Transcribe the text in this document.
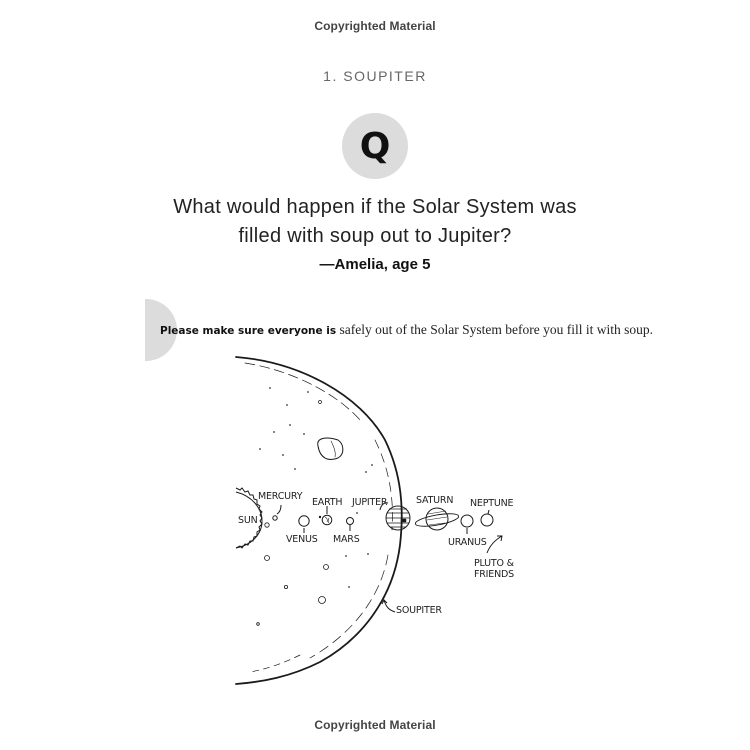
Copyrighted Material
1. SOUPITER
Q
What would happen if the Solar System was
filled with soup out to Jupiter?
—Amelia, age 5
Please make sure everyone is safely out of the Solar System before you fill it with soup.
SUN
MERCURY
VENUS
EARTH
MARS
JUPITER	SATURN
URANUS
NEPTUNE
PLUTO &
FRIENDS
SOUPITER
Copyrighted Material
